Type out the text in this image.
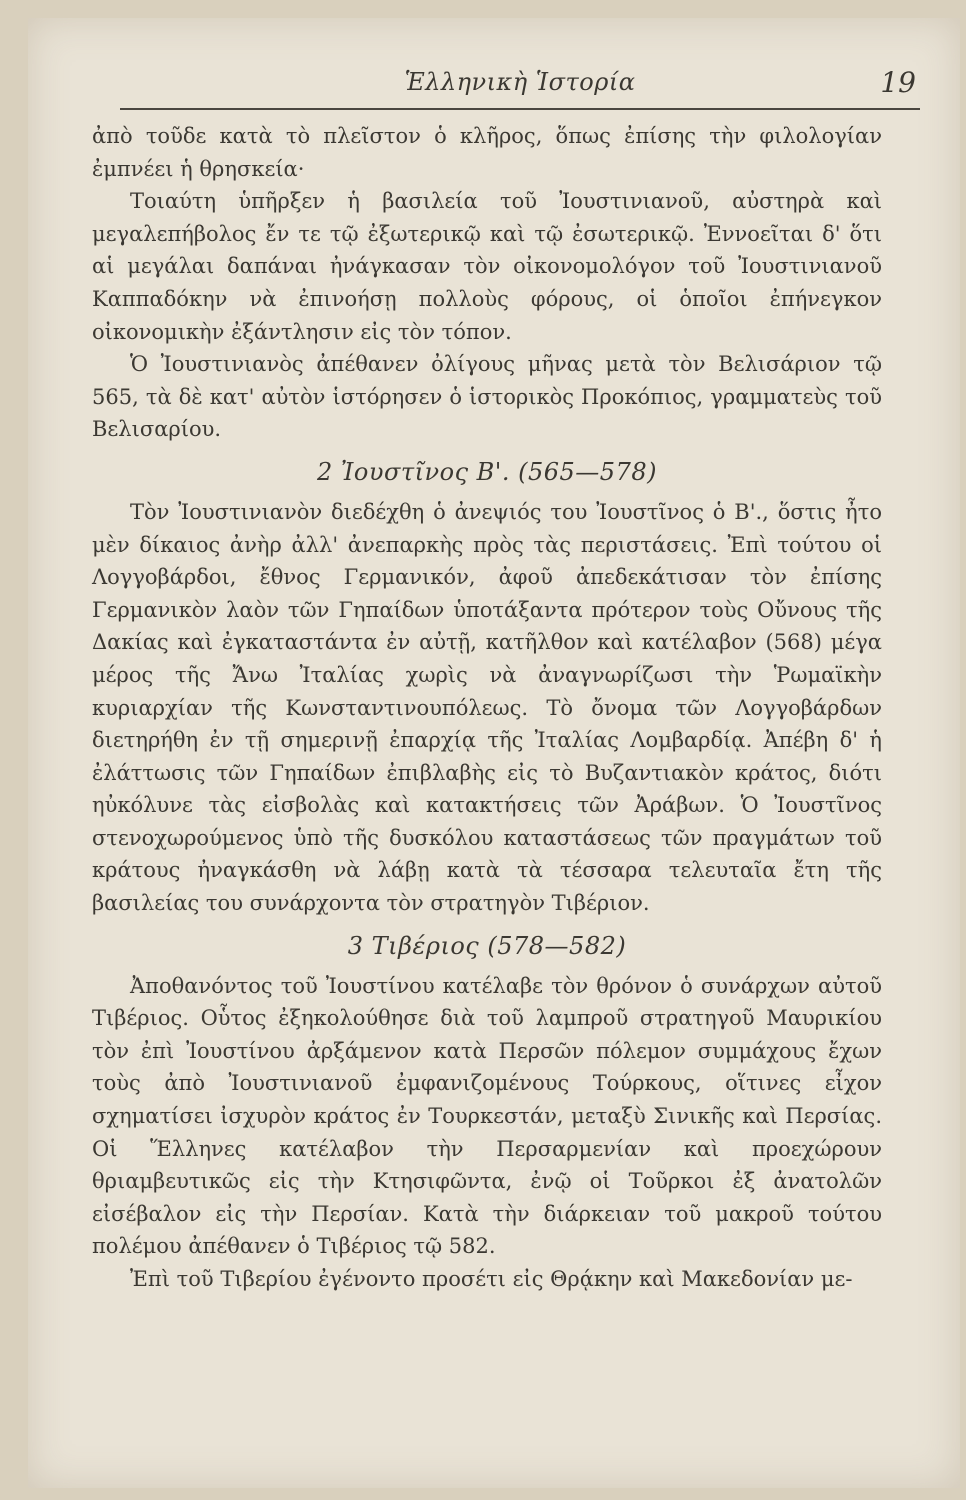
Ἑλληνικὴ Ἱστορία	19

ἀπὸ τοῦδε κατὰ τὸ πλεῖστον ὁ κλῆρος, ὅπως ἐπίσης τὴν φιλολογίαν ἐμπνέει ἡ θρησκεία·

Τοιαύτη ὑπῆρξεν ἡ βασιλεία τοῦ Ἰουστινιανοῦ, αὐστηρὰ καὶ μεγαλεπήβολος ἔν τε τῷ ἐξωτερικῷ καὶ τῷ ἐσωτερικῷ. Ἐννοεῖται δ' ὅτι αἱ μεγάλαι δαπάναι ἠνάγκασαν τὸν οἰκονομολόγον τοῦ Ἰουστινιανοῦ Καππαδόκην νὰ ἐπινοήσῃ πολλοὺς φόρους, οἱ ὁποῖοι ἐπήνεγκον οἰκονομικὴν ἐξάντλησιν εἰς τὸν τόπον.

Ὁ Ἰουστινιανὸς ἀπέθανεν ὀλίγους μῆνας μετὰ τὸν Βελισάριον τῷ 565, τὰ δὲ κατ' αὐτὸν ἱστόρησεν ὁ ἱστορικὸς Προκόπιος, γραμματεὺς τοῦ Βελισαρίου.

2 Ἰουστῖνος Β'. (565—578)

Τὸν Ἰουστινιανὸν διεδέχθη ὁ ἀνεψιός του Ἰουστῖνος ὁ Β'., ὅστις ἦτο μὲν δίκαιος ἀνὴρ ἀλλ' ἀνεπαρκὴς πρὸς τὰς περιστάσεις. Ἐπὶ τούτου οἱ Λογγοβάρδοι, ἔθνος Γερμανικόν, ἀφοῦ ἀπεδεκάτισαν τὸν ἐπίσης Γερμανικὸν λαὸν τῶν Γηπαίδων ὑποτάξαντα πρότερον τοὺς Οὔνους τῆς Δακίας καὶ ἐγκαταστάντα ἐν αὐτῇ, κατῆλθον καὶ κατέλαβον (568) μέγα μέρος τῆς Ἄνω Ἰταλίας χωρὶς νὰ ἀναγνωρίζωσι τὴν Ῥωμαϊκὴν κυριαρχίαν τῆς Κωνσταντινουπόλεως. Τὸ ὄνομα τῶν Λογγοβάρδων διετηρήθη ἐν τῇ σημερινῇ ἐπαρχίᾳ τῆς Ἰταλίας Λομβαρδίᾳ. Ἀπέβη δ' ἡ ἐλάττωσις τῶν Γηπαίδων ἐπιβλαβὴς εἰς τὸ Βυζαντιακὸν κράτος, διότι ηὐκόλυνε τὰς εἰσβολὰς καὶ κατακτήσεις τῶν Ἀράβων. Ὁ Ἰουστῖνος στενοχωρούμενος ὑπὸ τῆς δυσκόλου καταστάσεως τῶν πραγμάτων τοῦ κράτους ἠναγκάσθη νὰ λάβῃ κατὰ τὰ τέσσαρα τελευταῖα ἔτη τῆς βασιλείας του συνάρχοντα τὸν στρατηγὸν Τιβέριον.

3 Τιβέριος (578—582)

Ἀποθανόντος τοῦ Ἰουστίνου κατέλαβε τὸν θρόνον ὁ συνάρχων αὐτοῦ Τιβέριος. Οὗτος ἐξηκολούθησε διὰ τοῦ λαμπροῦ στρατηγοῦ Μαυρικίου τὸν ἐπὶ Ἰουστίνου ἀρξάμενον κατὰ Περσῶν πόλεμον συμμάχους ἔχων τοὺς ἀπὸ Ἰουστινιανοῦ ἐμφανιζομένους Τούρκους, οἵτινες εἶχον σχηματίσει ἰσχυρὸν κράτος ἐν Τουρκεστάν, μεταξὺ Σινικῆς καὶ Περσίας. Οἱ Ἕλληνες κατέλαβον τὴν Περσαρμενίαν καὶ προεχώρουν θριαμβευτικῶς εἰς τὴν Κτησιφῶντα, ἐνῷ οἱ Τοῦρκοι ἐξ ἀνατολῶν εἰσέβαλον εἰς τὴν Περσίαν. Κατὰ τὴν διάρκειαν τοῦ μακροῦ τούτου πολέμου ἀπέθανεν ὁ Τιβέριος τῷ 582.

Ἐπὶ τοῦ Τιβερίου ἐγένοντο προσέτι εἰς Θρᾴκην καὶ Μακεδονίαν με-
